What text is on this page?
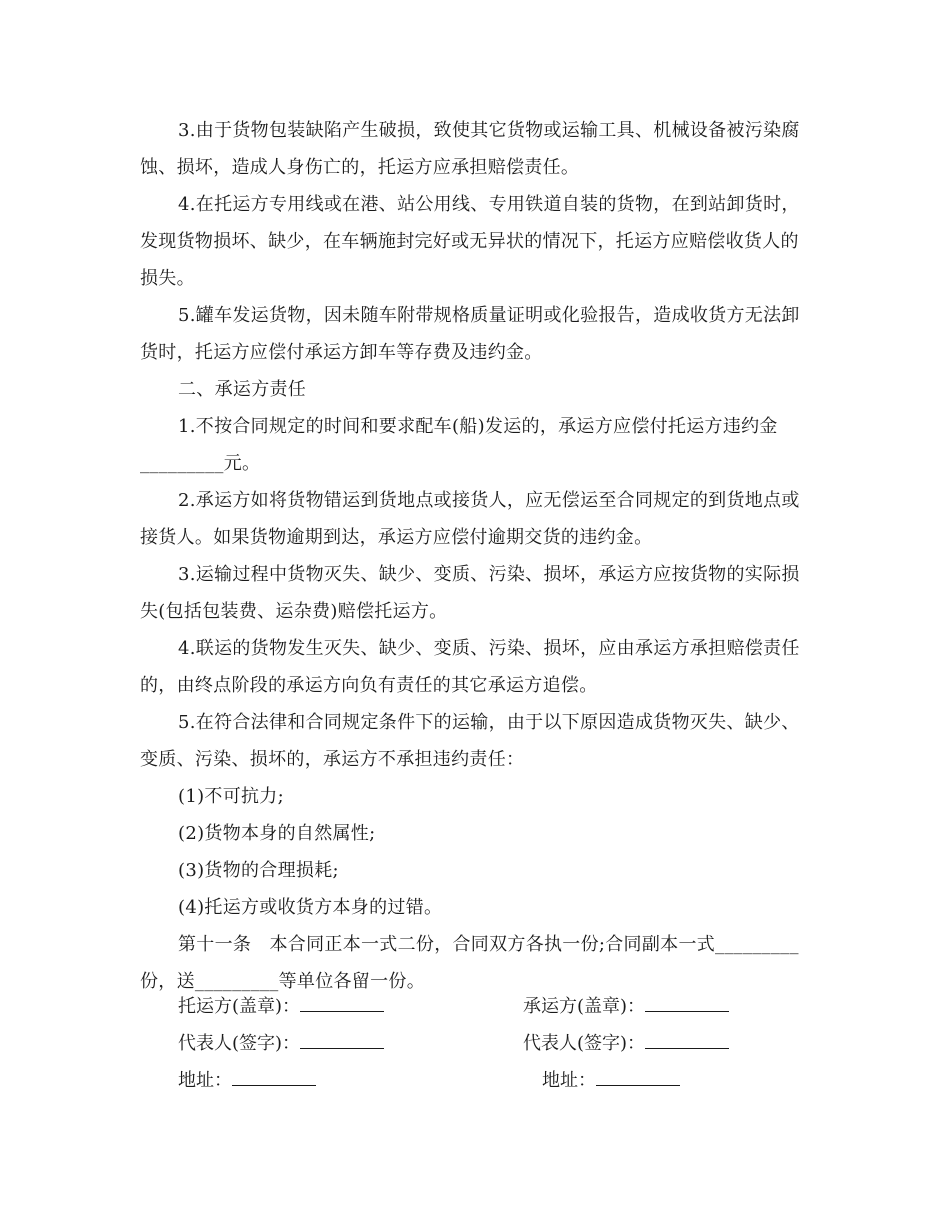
3.由于货物包装缺陷产生破损，致使其它货物或运输工具、机械设备被污染腐蚀、损坏，造成人身伤亡的，托运方应承担赔偿责任。

4.在托运方专用线或在港、站公用线、专用铁道自装的货物，在到站卸货时，发现货物损坏、缺少，在车辆施封完好或无异状的情况下，托运方应赔偿收货人的损失。

5.罐车发运货物，因未随车附带规格质量证明或化验报告，造成收货方无法卸货时，托运方应偿付承运方卸车等存费及违约金。

二、承运方责任

1.不按合同规定的时间和要求配车(船)发运的，承运方应偿付托运方违约金_________元。

2.承运方如将货物错运到货地点或接货人，应无偿运至合同规定的到货地点或接货人。如果货物逾期到达，承运方应偿付逾期交货的违约金。

3.运输过程中货物灭失、缺少、变质、污染、损坏，承运方应按货物的实际损失(包括包装费、运杂费)赔偿托运方。

4.联运的货物发生灭失、缺少、变质、污染、损坏，应由承运方承担赔偿责任的，由终点阶段的承运方向负有责任的其它承运方追偿。

5.在符合法律和合同规定条件下的运输，由于以下原因造成货物灭失、缺少、变质、污染、损坏的，承运方不承担违约责任：

(1)不可抗力;

(2)货物本身的自然属性;

(3)货物的合理损耗;

(4)托运方或收货方本身的过错。

第十一条　本合同正本一式二份，合同双方各执一份;合同副本一式_________份，送_________等单位各留一份。

托运方(盖章)：	承运方(盖章)：
代表人(签字)：	代表人(签字)：
地址：	地址：
